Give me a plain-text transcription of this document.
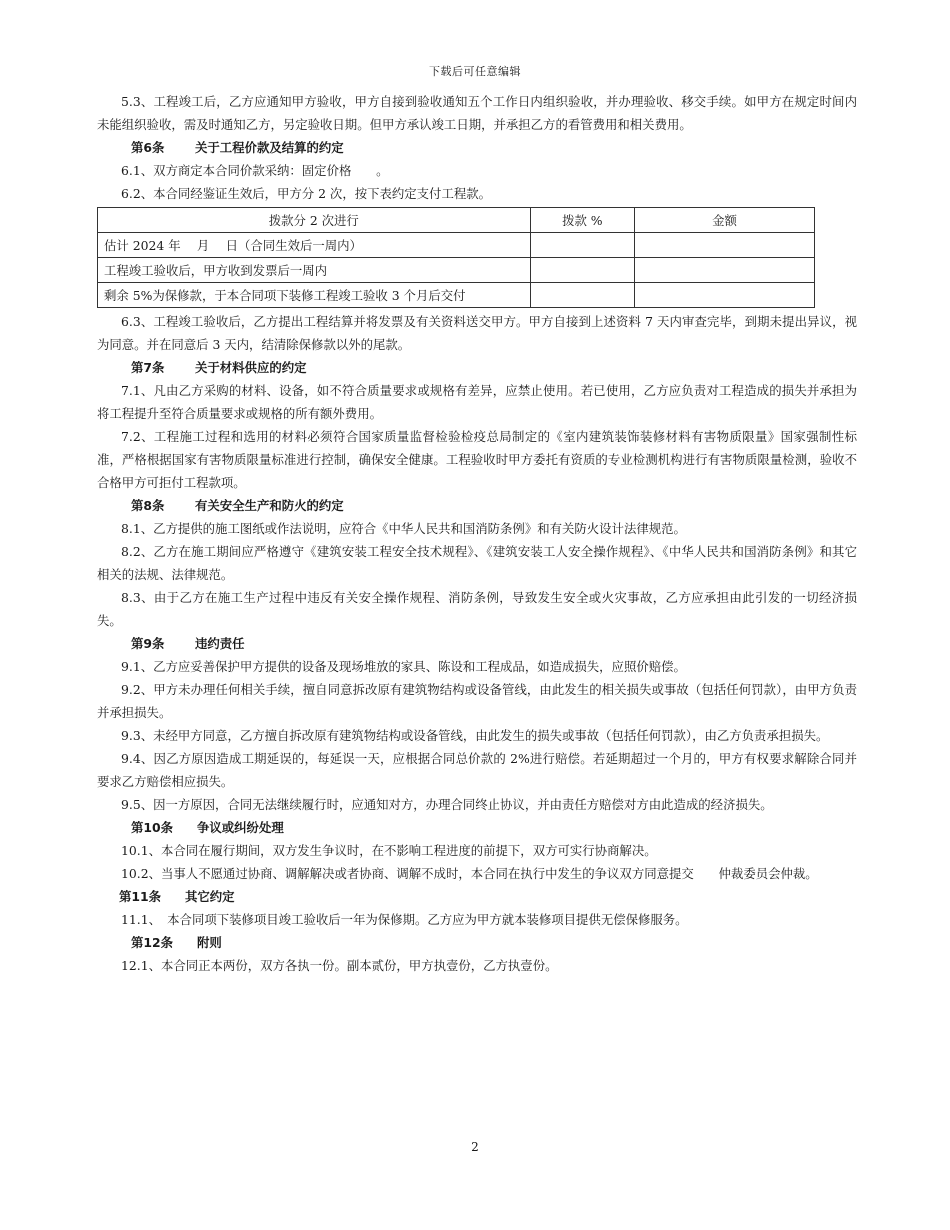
下载后可任意编辑

5.3、工程竣工后，乙方应通知甲方验收，甲方自接到验收通知五个工作日内组织验收，并办理验收、移交手续。如甲方在规定时间内未能组织验收，需及时通知乙方，另定验收日期。但甲方承认竣工日期，并承担乙方的看管费用和相关费用。

第6条 关于工程价款及结算的约定
6.1、双方商定本合同价款采纳：固定价格　　。
6.2、本合同经鉴证生效后，甲方分 2 次，按下表约定支付工程款。
拨款分 2 次进行	拨款 %	金额
估计 2024 年　 月　 日（合同生效后一周内）		
工程竣工验收后，甲方收到发票后一周内		
剩余 5%为保修款，于本合同项下装修工程竣工验收 3 个月后交付		

6.3、工程竣工验收后，乙方提出工程结算并将发票及有关资料送交甲方。甲方自接到上述资料 7 天内审查完毕，到期未提出异议，视为同意。并在同意后 3 天内，结清除保修款以外的尾款。

第7条 关于材料供应的约定

7.1、凡由乙方采购的材料、设备，如不符合质量要求或规格有差异，应禁止使用。若已使用，乙方应负责对工程造成的损失并承担为将工程提升至符合质量要求或规格的所有额外费用。

7.2、工程施工过程和选用的材料必须符合国家质量监督检验检疫总局制定的《室内建筑装饰装修材料有害物质限量》国家强制性标准，严格根据国家有害物质限量标准进行控制，确保安全健康。工程验收时甲方委托有资质的专业检测机构进行有害物质限量检测，验收不合格甲方可拒付工程款项。

第8条 有关安全生产和防火的约定

8.1、乙方提供的施工图纸或作法说明，应符合《中华人民共和国消防条例》和有关防火设计法律规范。

8.2、乙方在施工期间应严格遵守《建筑安装工程安全技术规程》、《建筑安装工人安全操作规程》、《中华人民共和国消防条例》和其它相关的法规、法律规范。

8.3、由于乙方在施工生产过程中违反有关安全操作规程、消防条例，导致发生安全或火灾事故，乙方应承担由此引发的一切经济损失。

第9条 违约责任

9.1、乙方应妥善保护甲方提供的设备及现场堆放的家具、陈设和工程成品，如造成损失，应照价赔偿。

9.2、甲方未办理任何相关手续，擅自同意拆改原有建筑物结构或设备管线，由此发生的相关损失或事故（包括任何罚款），由甲方负责并承担损失。

9.3、未经甲方同意，乙方擅自拆改原有建筑物结构或设备管线，由此发生的损失或事故（包括任何罚款），由乙方负责承担损失。

9.4、因乙方原因造成工期延误的，每延误一天，应根据合同总价款的 2%进行赔偿。若延期超过一个月的，甲方有权要求解除合同并要求乙方赔偿相应损失。

9.5、因一方原因，合同无法继续履行时，应通知对方，办理合同终止协议，并由责任方赔偿对方由此造成的经济损失。

第10条 争议或纠纷处理

10.1、本合同在履行期间，双方发生争议时，在不影响工程进度的前提下，双方可实行协商解决。

10.2、当事人不愿通过协商、调解解决或者协商、调解不成时，本合同在执行中发生的争议双方同意提交　　仲裁委员会仲裁。

第11条 其它约定
11.1、　本合同项下装修项目竣工验收后一年为保修期。乙方应为甲方就本装修项目提供无偿保修服务。
第12条 附则
12.1、本合同正本两份，双方各执一份。副本贰份，甲方执壹份，乙方执壹份。
2
